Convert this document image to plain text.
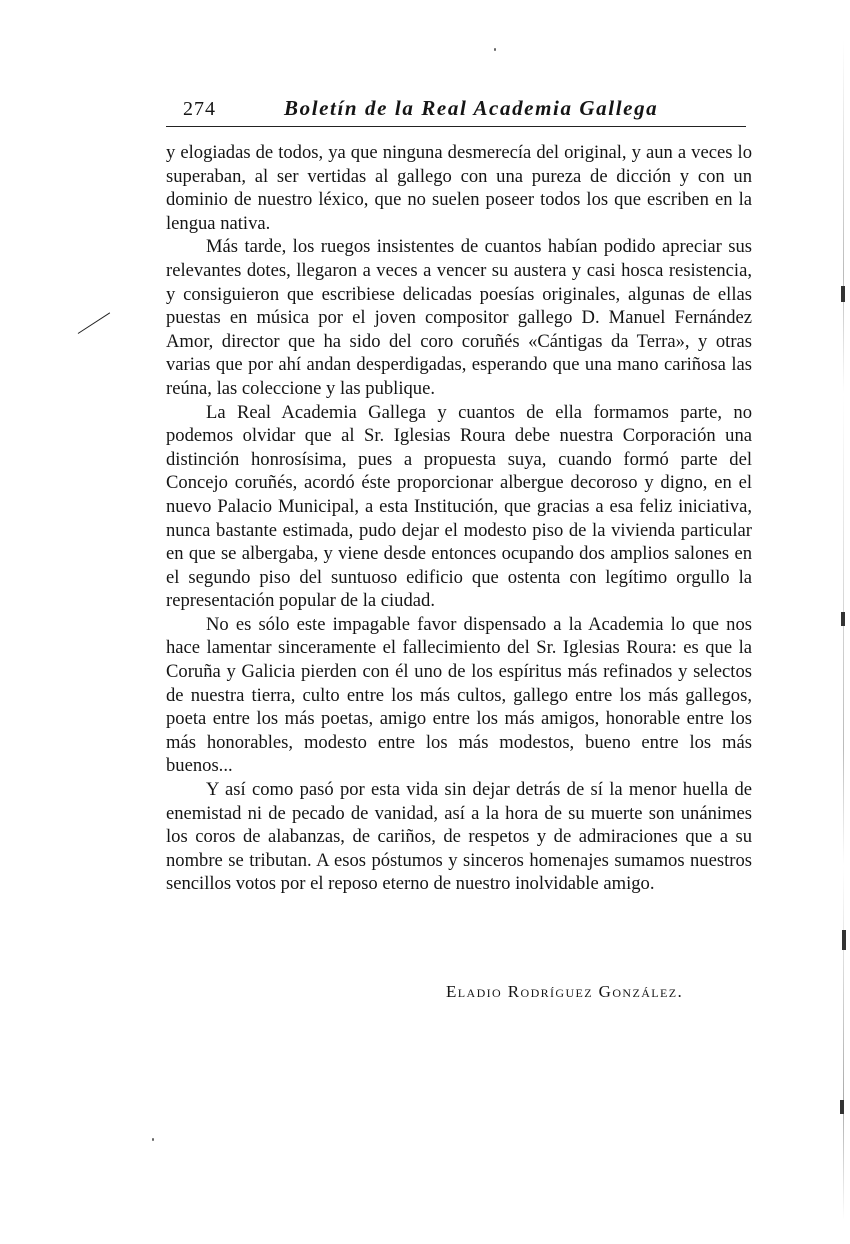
274	Boletín de la Real Academia Gallega

y elogiadas de todos, ya que ninguna desmerecía del original, y aun a veces lo superaban, al ser vertidas al gallego con una pureza de dicción y con un dominio de nuestro léxico, que no suelen poseer todos los que escriben en la lengua nativa.

Más tarde, los ruegos insistentes de cuantos habían podido apreciar sus relevantes dotes, llegaron a veces a vencer su austera y casi hosca resistencia, y consiguieron que escribiese delicadas poesías originales, algunas de ellas puestas en música por el joven compositor gallego D. Manuel Fernández Amor, director que ha sido del coro coruñés «Cántigas da Terra», y otras varias que por ahí andan desperdigadas, esperando que una mano cariñosa las reúna, las coleccione y las publique.

La Real Academia Gallega y cuantos de ella formamos parte, no podemos olvidar que al Sr. Iglesias Roura debe nuestra Corporación una distinción honrosísima, pues a propuesta suya, cuando formó parte del Concejo coruñés, acordó éste proporcionar albergue decoroso y digno, en el nuevo Palacio Municipal, a esta Institución, que gracias a esa feliz iniciativa, nunca bastante estimada, pudo dejar el modesto piso de la vivienda particular en que se albergaba, y viene desde entonces ocupando dos amplios salones en el segundo piso del suntuoso edificio que ostenta con legítimo orgullo la representación popular de la ciudad.

No es sólo este impagable favor dispensado a la Academia lo que nos hace lamentar sinceramente el fallecimiento del Sr. Iglesias Roura: es que la Coruña y Galicia pierden con él uno de los espíritus más refinados y selectos de nuestra tierra, culto entre los más cultos, gallego entre los más gallegos, poeta entre los más poetas, amigo entre los más amigos, honorable entre los más honorables, modesto entre los más modestos, bueno entre los más buenos...

Y así como pasó por esta vida sin dejar detrás de sí la menor huella de enemistad ni de pecado de vanidad, así a la hora de su muerte son unánimes los coros de alabanzas, de cariños, de respetos y de admiraciones que a su nombre se tributan. A esos póstumos y sinceros homenajes sumamos nuestros sencillos votos por el reposo eterno de nuestro inolvidable amigo.

Eladio Rodríguez González.
